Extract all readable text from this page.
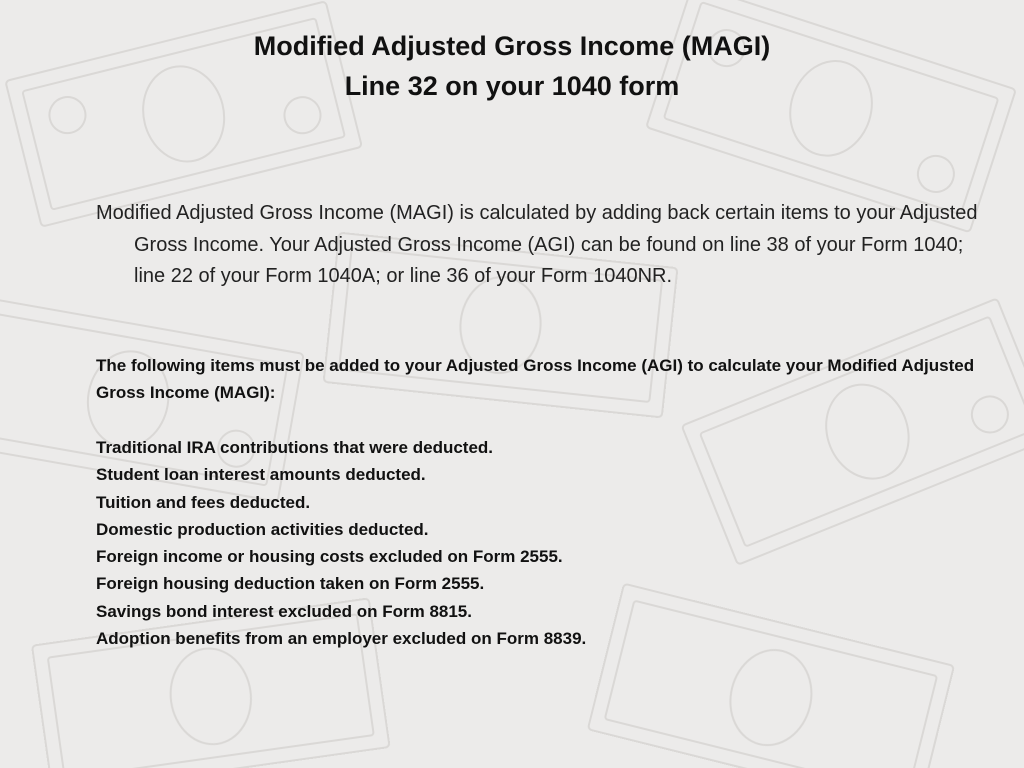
Modified Adjusted Gross Income (MAGI)
Line 32 on your 1040 form
Modified Adjusted Gross Income (MAGI) is calculated by adding back certain items to your Adjusted Gross Income. Your Adjusted Gross Income (AGI) can be found on line 38 of your Form 1040; line 22 of your Form 1040A; or line 36 of your Form 1040NR.
The following items must be added to your Adjusted Gross Income (AGI) to calculate your Modified Adjusted Gross Income (MAGI):
Traditional IRA contributions that were deducted.
Student loan interest amounts deducted.
Tuition and fees deducted.
Domestic production activities deducted.
Foreign income or housing costs excluded on Form 2555.
Foreign housing deduction taken on Form 2555.
Savings bond interest excluded on Form 8815.
Adoption benefits from an employer excluded on Form 8839.
